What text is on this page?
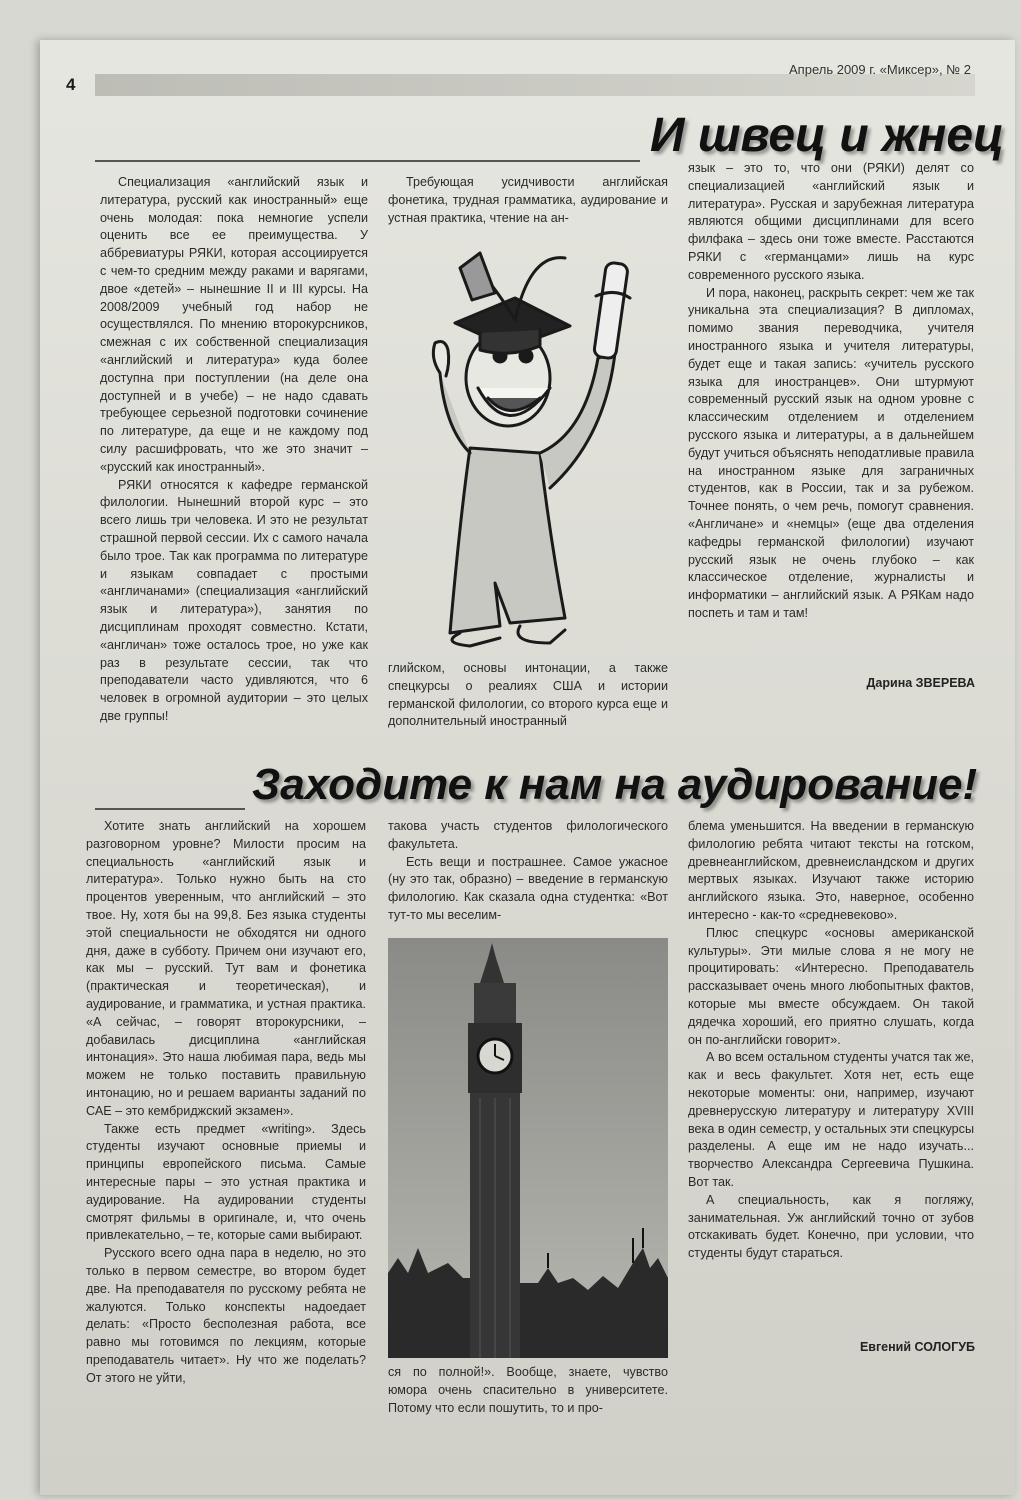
4
Апрель 2009 г. «Миксер», № 2
И швец и жнец

Специализация «английский язык и литература, русский как иностранный» еще очень молодая: пока немногие успели оценить все ее преимущества. У аббревиатуры РЯКИ, которая ассоциируется с чем-то средним между раками и варягами, двое «детей» – нынешние II и III курсы. На 2008/2009 учебный год набор не осуществлялся. По мнению второкурсников, смежная с их собственной специализация «английский и литература» куда более доступна при поступлении (на деле она доступней и в учебе) – не надо сдавать требующее серьезной подготовки сочинение по литературе, да еще и не каждому под силу расшифровать, что же это значит – «русский как иностранный».

РЯКИ относятся к кафедре германской филологии. Нынешний второй курс – это всего лишь три человека. И это не результат страшной первой сессии. Их с самого начала было трое. Так как программа по литературе и языкам совпадает с простыми «англичанами» (специализация «английский язык и литература»), занятия по дисциплинам проходят совместно. Кстати, «англичан» тоже осталось трое, но уже как раз в результате сессии, так что преподаватели часто удивляются, что 6 человек в огромной аудитории – это целых две группы!

Требующая усидчивости английская фонетика, трудная грамматика, аудирование и устная практика, чтение на ан-

глийском, основы интонации, а также спецкурсы о реалиях США и истории германской филологии, со второго курса еще и дополнительный иностранный

язык – это то, что они (РЯКИ) делят со специализацией «английский язык и литература». Русская и зарубежная литература являются общими дисциплинами для всего филфака – здесь они тоже вместе. Расстаются РЯКИ с «германцами» лишь на курс современного русского языка.

И пора, наконец, раскрыть секрет: чем же так уникальна эта специализация? В дипломах, помимо звания переводчика, учителя иностранного языка и учителя литературы, будет еще и такая запись: «учитель русского языка для иностранцев». Они штурмуют современный русский язык на одном уровне с классическим отделением и отделением русского языка и литературы, а в дальнейшем будут учиться объяснять неподатливые правила на иностранном языке для заграничных студентов, как в России, так и за рубежом. Точнее понять, о чем речь, помогут сравнения. «Англичане» и «немцы» (еще два отделения кафедры германской филологии) изучают русский язык не очень глубоко – как классическое отделение, журналисты и информатики – английский язык. А РЯКам надо поспеть и там и там!

Дарина ЗВЕРЕВА
Заходите к нам на аудирование!

Хотите знать английский на хорошем разговорном уровне? Милости просим на специальность «английский язык и литература». Только нужно быть на сто процентов уверенным, что английский – это твое. Ну, хотя бы на 99,8. Без языка студенты этой специальности не обходятся ни одного дня, даже в субботу. Причем они изучают его, как мы – русский. Тут вам и фонетика (практическая и теоретическая), и аудирование, и грамматика, и устная практика. «А сейчас, – говорят второкурсники, – добавилась дисциплина «английская интонация». Это наша любимая пара, ведь мы можем не только поставить правильную интонацию, но и решаем варианты заданий по САЕ – это кембриджский экзамен».

Также есть предмет «writing». Здесь студенты изучают основные приемы и принципы европейского письма. Самые интересные пары – это устная практика и аудирование. На аудировании студенты смотрят фильмы в оригинале, и, что очень привлекательно, – те, которые сами выбирают.

Русского всего одна пара в неделю, но это только в первом семестре, во втором будет две. На преподавателя по русскому ребята не жалуются. Только конспекты надоедает делать: «Просто бесполезная работа, все равно мы готовимся по лекциям, которые преподаватель читает». Ну что же поделать? От этого не уйти,

такова участь студентов филологического факультета.

Есть вещи и пострашнее. Самое ужасное (ну это так, образно) – введение в германскую филологию. Как сказала одна студентка: «Вот тут-то мы веселим-

ся по полной!». Вообще, знаете, чувство юмора очень спасительно в университете. Потому что если пошутить, то и про-

блема уменьшится. На введении в германскую филологию ребята читают тексты на готском, древнеанглийском, древнеисландском и других мертвых языках. Изучают также историю английского языка. Это, наверное, особенно интересно - как-то «средневеково».

Плюс спецкурс «основы американской культуры». Эти милые слова я не могу не процитировать: «Интересно. Преподаватель рассказывает очень много любопытных фактов, которые мы вместе обсуждаем. Он такой дядечка хороший, его приятно слушать, когда он по-английски говорит».

А во всем остальном студенты учатся так же, как и весь факультет. Хотя нет, есть еще некоторые моменты: они, например, изучают древнерусскую литературу и литературу XVIII века в один семестр, у остальных эти спецкурсы разделены. А еще им не надо изучать... творчество Александра Сергеевича Пушкина. Вот так.

А специальность, как я погляжу, занимательная. Уж английский точно от зубов отскакивать будет. Конечно, при условии, что студенты будут стараться.

Евгений СОЛОГУБ
